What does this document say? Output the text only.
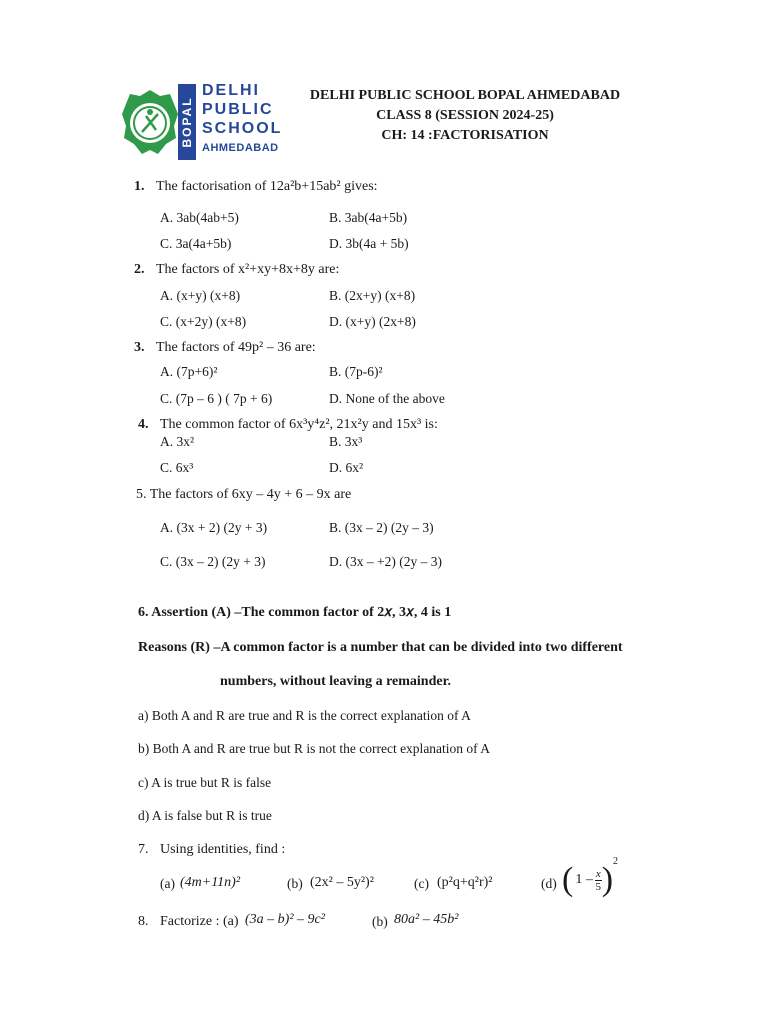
BOPAL
DELHI
PUBLIC
SCHOOL
AHMEDABAD
DELHI PUBLIC SCHOOL BOPAL AHMEDABAD
CLASS 8 (SESSION 2024-25)
CH: 14 :FACTORISATION
1. The factorisation of 12a²b+15ab² gives:
A. 3ab(4ab+5)	B. 3ab(4a+5b)
C. 3a(4a+5b)	D. 3b(4a + 5b)
2. The factors of x²+xy+8x+8y are:
A. (x+y) (x+8)	B. (2x+y) (x+8)
C. (x+2y) (x+8)	D. (x+y) (2x+8)
3. The factors of 49p² – 36 are:
A. (7p+6)²	B. (7p-6)²
C. (7p – 6 ) ( 7p + 6)	D. None of the above
4. The common factor of 6x³y⁴z², 21x²y and 15x³ is:
A. 3x²	B. 3x³
C. 6x³	D. 6x²
5. The factors of 6xy – 4y + 6 – 9x are
A. (3x + 2) (2y + 3)	B. (3x – 2) (2y – 3)
C. (3x – 2) (2y + 3)	D. (3x – +2) (2y – 3)
6. Assertion (A) –The common factor of 2𝑥, 3𝑥, 4 is 1
Reasons (R) –A common factor is a number that can be divided into two different
numbers, without leaving a remainder.
a) Both A and R are true and R is the correct explanation of A
b) Both A and R are true but R is not the correct explanation of A
c) A is true but R is false
d) A is false but R is true
7. Using identities, find :
(a) (4m+11n)²	(b) (2x² – 5y²)²	(c) (p²q+q²r)²	(d) ( $1 - \frac{x}{5}$ ) 2
8. Factorize : (a) (3a – b)² – 9c²	(b) 80a² – 45b²
